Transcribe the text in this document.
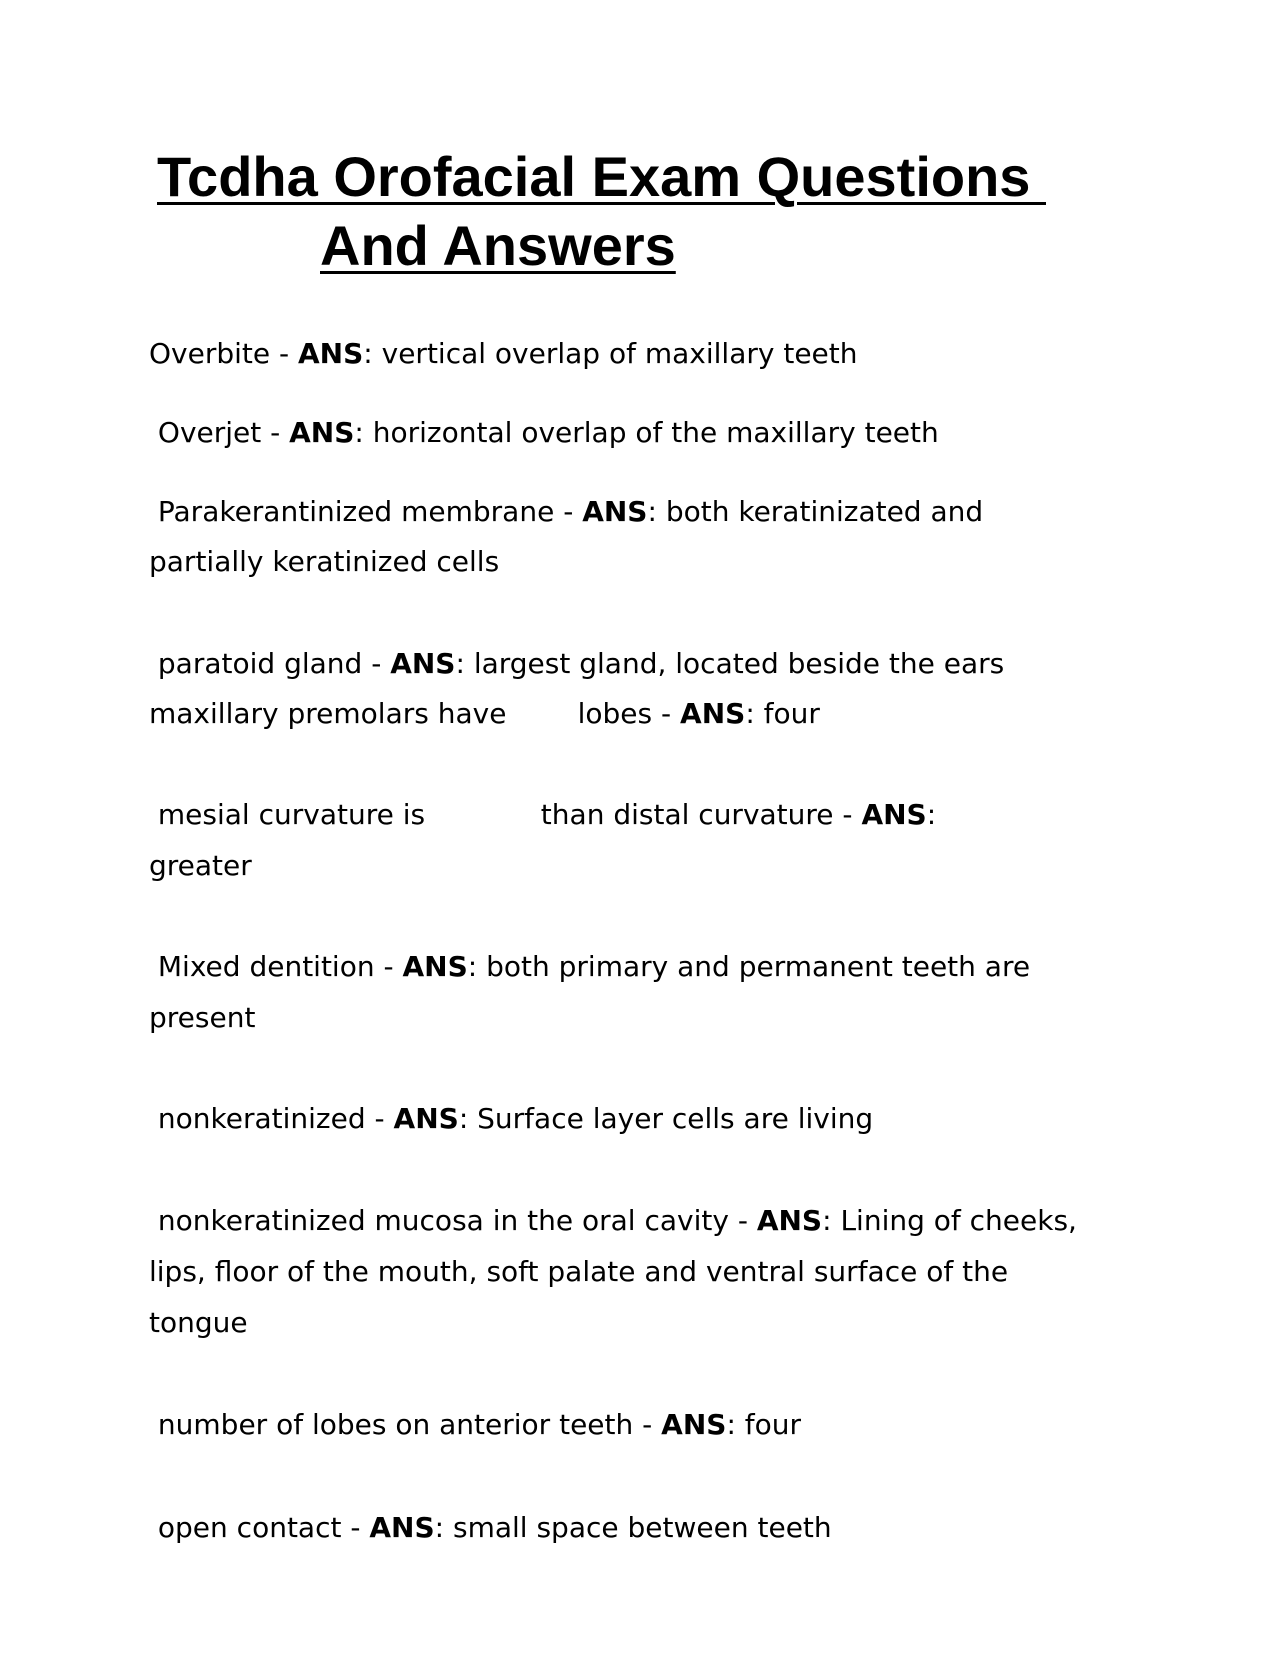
Tcdha Orofacial Exam Questions
And Answers

Overbite - ANS: vertical overlap of maxillary teeth

Overjet - ANS: horizontal overlap of the maxillary teeth

Parakerantinized membrane - ANS: both keratinizated and

partially keratinized cells

paratoid gland - ANS: largest gland, located beside the ears

maxillary premolars have        lobes - ANS: four

mesial curvature is             than distal curvature - ANS:

greater

Mixed dentition - ANS: both primary and permanent teeth are

present

nonkeratinized - ANS: Surface layer cells are living

nonkeratinized mucosa in the oral cavity - ANS: Lining of cheeks,

lips, floor of the mouth, soft palate and ventral surface of the

tongue

number of lobes on anterior teeth - ANS: four

open contact - ANS: small space between teeth
